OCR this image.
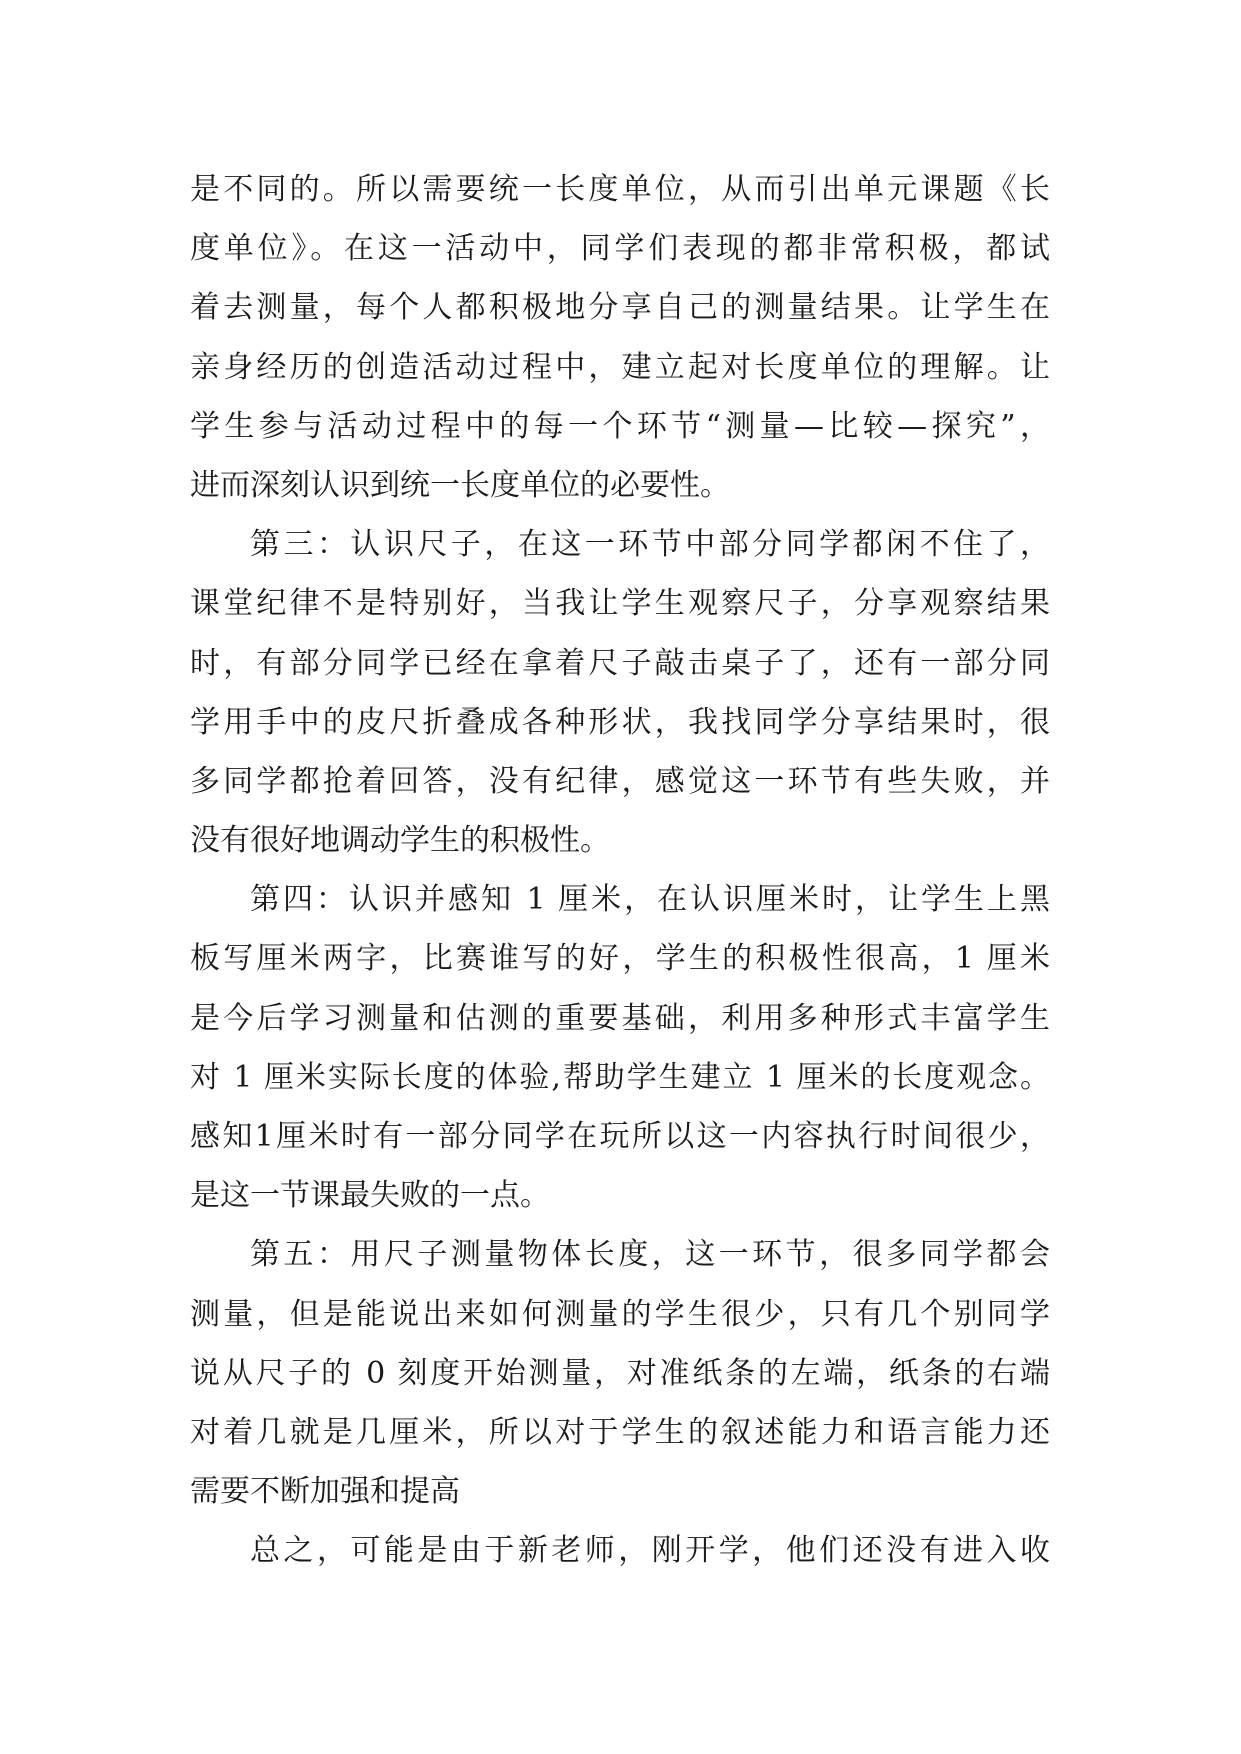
是不同的。所以需要统一长度单位，从而引出单元课题《长
度单位》。在这一活动中，同学们表现的都非常积极，都试
着去测量，每个人都积极地分享自己的测量结果。让学生在
亲身经历的创造活动过程中，建立起对长度单位的理解。让
学生参与活动过程中的每一个环节“测量—比较—探究”，
进而深刻认识到统一长度单位的必要性。
第三：认识尺子，在这一环节中部分同学都闲不住了，
课堂纪律不是特别好，当我让学生观察尺子，分享观察结果
时，有部分同学已经在拿着尺子敲击桌子了，还有一部分同
学用手中的皮尺折叠成各种形状，我找同学分享结果时，很
多同学都抢着回答，没有纪律，感觉这一环节有些失败，并
没有很好地调动学生的积极性。
第四：认识并感知 1 厘米，在认识厘米时，让学生上黑
板写厘米两字，比赛谁写的好，学生的积极性很高，1 厘米
是今后学习测量和估测的重要基础，利用多种形式丰富学生
对 1 厘米实际长度的体验,帮助学生建立 1 厘米的长度观念。
感知1厘米时有一部分同学在玩所以这一内容执行时间很少，
是这一节课最失败的一点。
第五：用尺子测量物体长度，这一环节，很多同学都会
测量，但是能说出来如何测量的学生很少，只有几个别同学
说从尺子的 0 刻度开始测量，对准纸条的左端，纸条的右端
对着几就是几厘米，所以对于学生的叙述能力和语言能力还
需要不断加强和提高
总之，可能是由于新老师，刚开学，他们还没有进入收
